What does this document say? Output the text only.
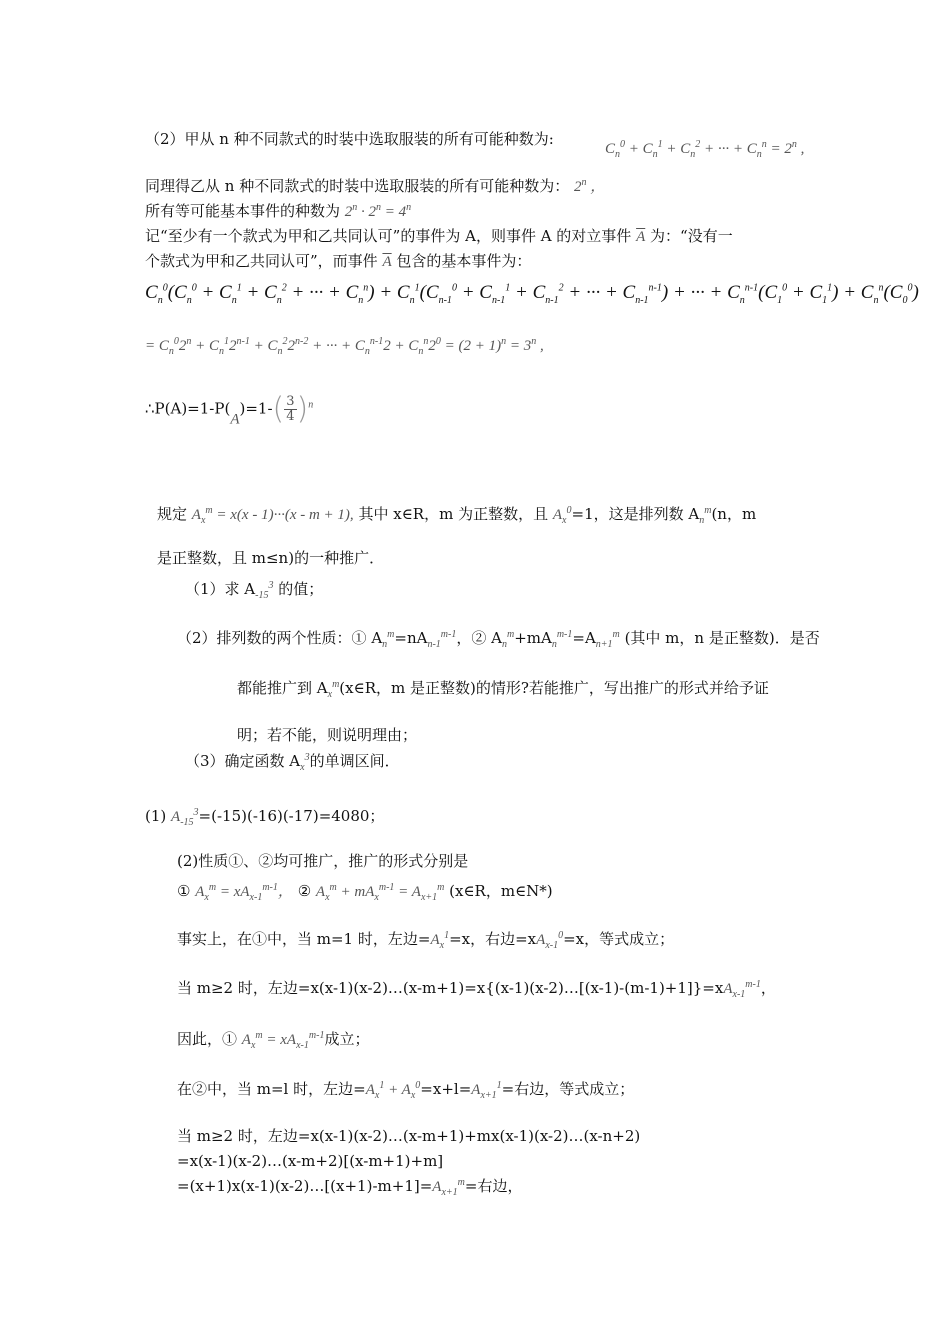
（2）甲从 n 种不同款式的时装中选取服装的所有可能种数为:
$C_n^0 + C_n^1 + C_n^2$ + ··· + $C_n^n = 2^n$ ,
同理得乙从 n 种不同款式的时装中选取服装的所有可能种数为： 2$^n$ ，
所有等可能基本事件的种数为 $2^n \cdot 2^n = 4^n$
记“至少有一个款式为甲和乙共同认可”的事件为 A，则事件 A 的对立事件 $\overline{A}$ 为：“没有一
个款式为甲和乙共同认可”，而事件 $\overline{A}$ 包含的基本事件为：
$C_n^0(C_n^0 + C_n^1 + C_n^2$ + ··· + $C_n^n) + C_n^1(C_{n-1}^0 + C_{n-1}^1 + C_{n-1}^2$ + ··· + $C_{n-1}^{n-1}$) + ··· + $C_n^{n-1}(C_1^0 + C_1^1) + C_n^n(C_0^0)$
= $C_n^02^n + C_n^12^{n-1} + C_n^22^{n-2}$ + ··· + $C_n^{n-1}2 + C_n^n2^0 = (2 + 1)^n = 3^n$ ,
∴P(A)=1-P(A)=1-( $\frac{3}{4} )^n$
规定 $A_x^m = x(x - 1)\cdot\cdot\cdot(x - m + 1)$, 其中 x∈R，m 为正整数，且 $A_x^0=1$，这是排列数 $A_n^m(n$，m
是正整数，且 m≤n)的一种推广．
（1）求 $A_{-15}^3$ 的值；
（2）排列数的两个性质：① $A_n^m=nA_{n-1}^{m-1}$，② $A_n^m+mA_n^{m-1}=A_{n+1}^m$ (其中 m，n 是正整数)．是否
都能推广到 $A_x^m(x\in R$，m 是正整数)的情形?若能推广，写出推广的形式并给予证
明；若不能，则说明理由；
（3）确定函数 $A_x^3$的单调区间．
(1) $A_{-15}^3=(-15)(-16)(-17)=4080$；
(2)性质①、②均可推广，推广的形式分别是
① $A_x^m = xA_{x-1}^{m-1}$， ② $A_x^m + mA_x^{m-1} = A_{x+1}^m$ (x∈R，m∈N*)
事实上，在①中，当 m=1 时，左边$=A_x^1=x$，右边$=xA_{x-1}^0=x$，等式成立；
当 m≥2 时，左边$=x(x-1)(x-2)\dots(x-m+1)=x\{(x-1)(x-2)\dots[(x-1)-(m-1)+1]\}=xA_{x-1}^{m-1}$，
因此，① $A_x^m = xA_{x-1}^{m-1}$成立；
在②中，当 m=l 时，左边$=A_x^1 + A_x^0=x+l=A_{x+1}^1=$右边，等式成立；
当 m≥2 时，左边=x(x-1)(x-2)…(x-m+1)+mx(x-1)(x-2)…(x-n+2)
=x(x-1)(x-2)…(x-m+2)[(x-m+1)+m]
$=(x+1)x(x-1)(x-2)\dots[(x+1)-m+1]=A_{x+1}^m=$右边，
